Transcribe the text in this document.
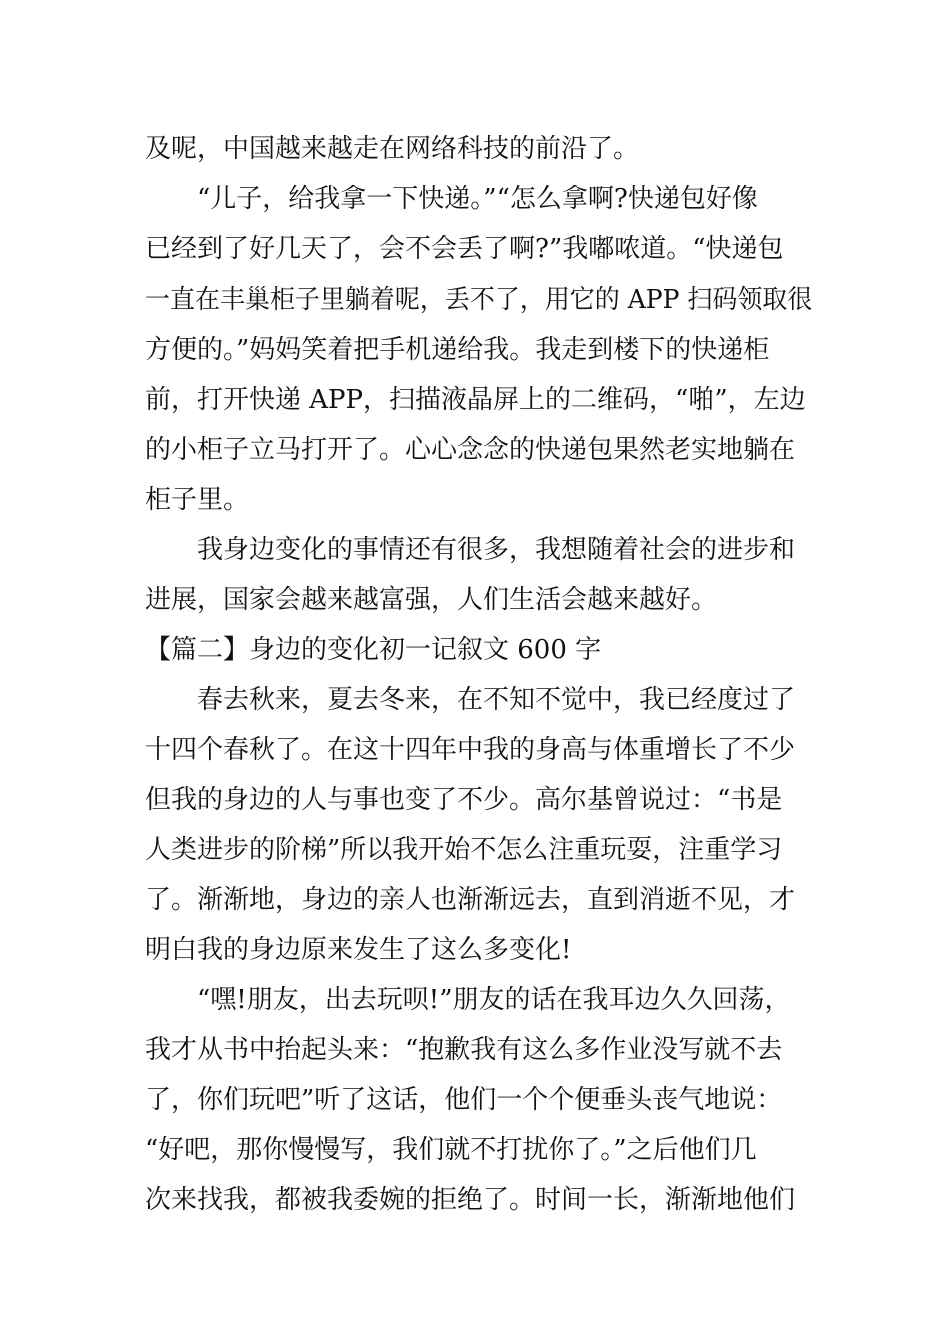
及呢，中国越来越走在网络科技的前沿了。
“儿子，给我拿一下快递。”“怎么拿啊?快递包好像
已经到了好几天了，会不会丢了啊?”我嘟哝道。“快递包
一直在丰巢柜子里躺着呢，丢不了，用它的 APP 扫码领取很
方便的。”妈妈笑着把手机递给我。我走到楼下的快递柜
前，打开快递 APP，扫描液晶屏上的二维码，“啪”，左边
的小柜子立马打开了。心心念念的快递包果然老实地躺在
柜子里。
我身边变化的事情还有很多，我想随着社会的进步和
进展，国家会越来越富强，人们生活会越来越好。
【篇二】身边的变化初一记叙文 600 字
春去秋来，夏去冬来，在不知不觉中，我已经度过了
十四个春秋了。在这十四年中我的身高与体重增长了不少
但我的身边的人与事也变了不少。高尔基曾说过：“书是
人类进步的阶梯”所以我开始不怎么注重玩耍，注重学习
了。渐渐地，身边的亲人也渐渐远去，直到消逝不见，才
明白我的身边原来发生了这么多变化!
“嘿!朋友，出去玩呗!”朋友的话在我耳边久久回荡，
我才从书中抬起头来：“抱歉我有这么多作业没写就不去
了，你们玩吧”听了这话，他们一个个便垂头丧气地说：
“好吧，那你慢慢写，我们就不打扰你了。”之后他们几
次来找我，都被我委婉的拒绝了。时间一长，渐渐地他们
